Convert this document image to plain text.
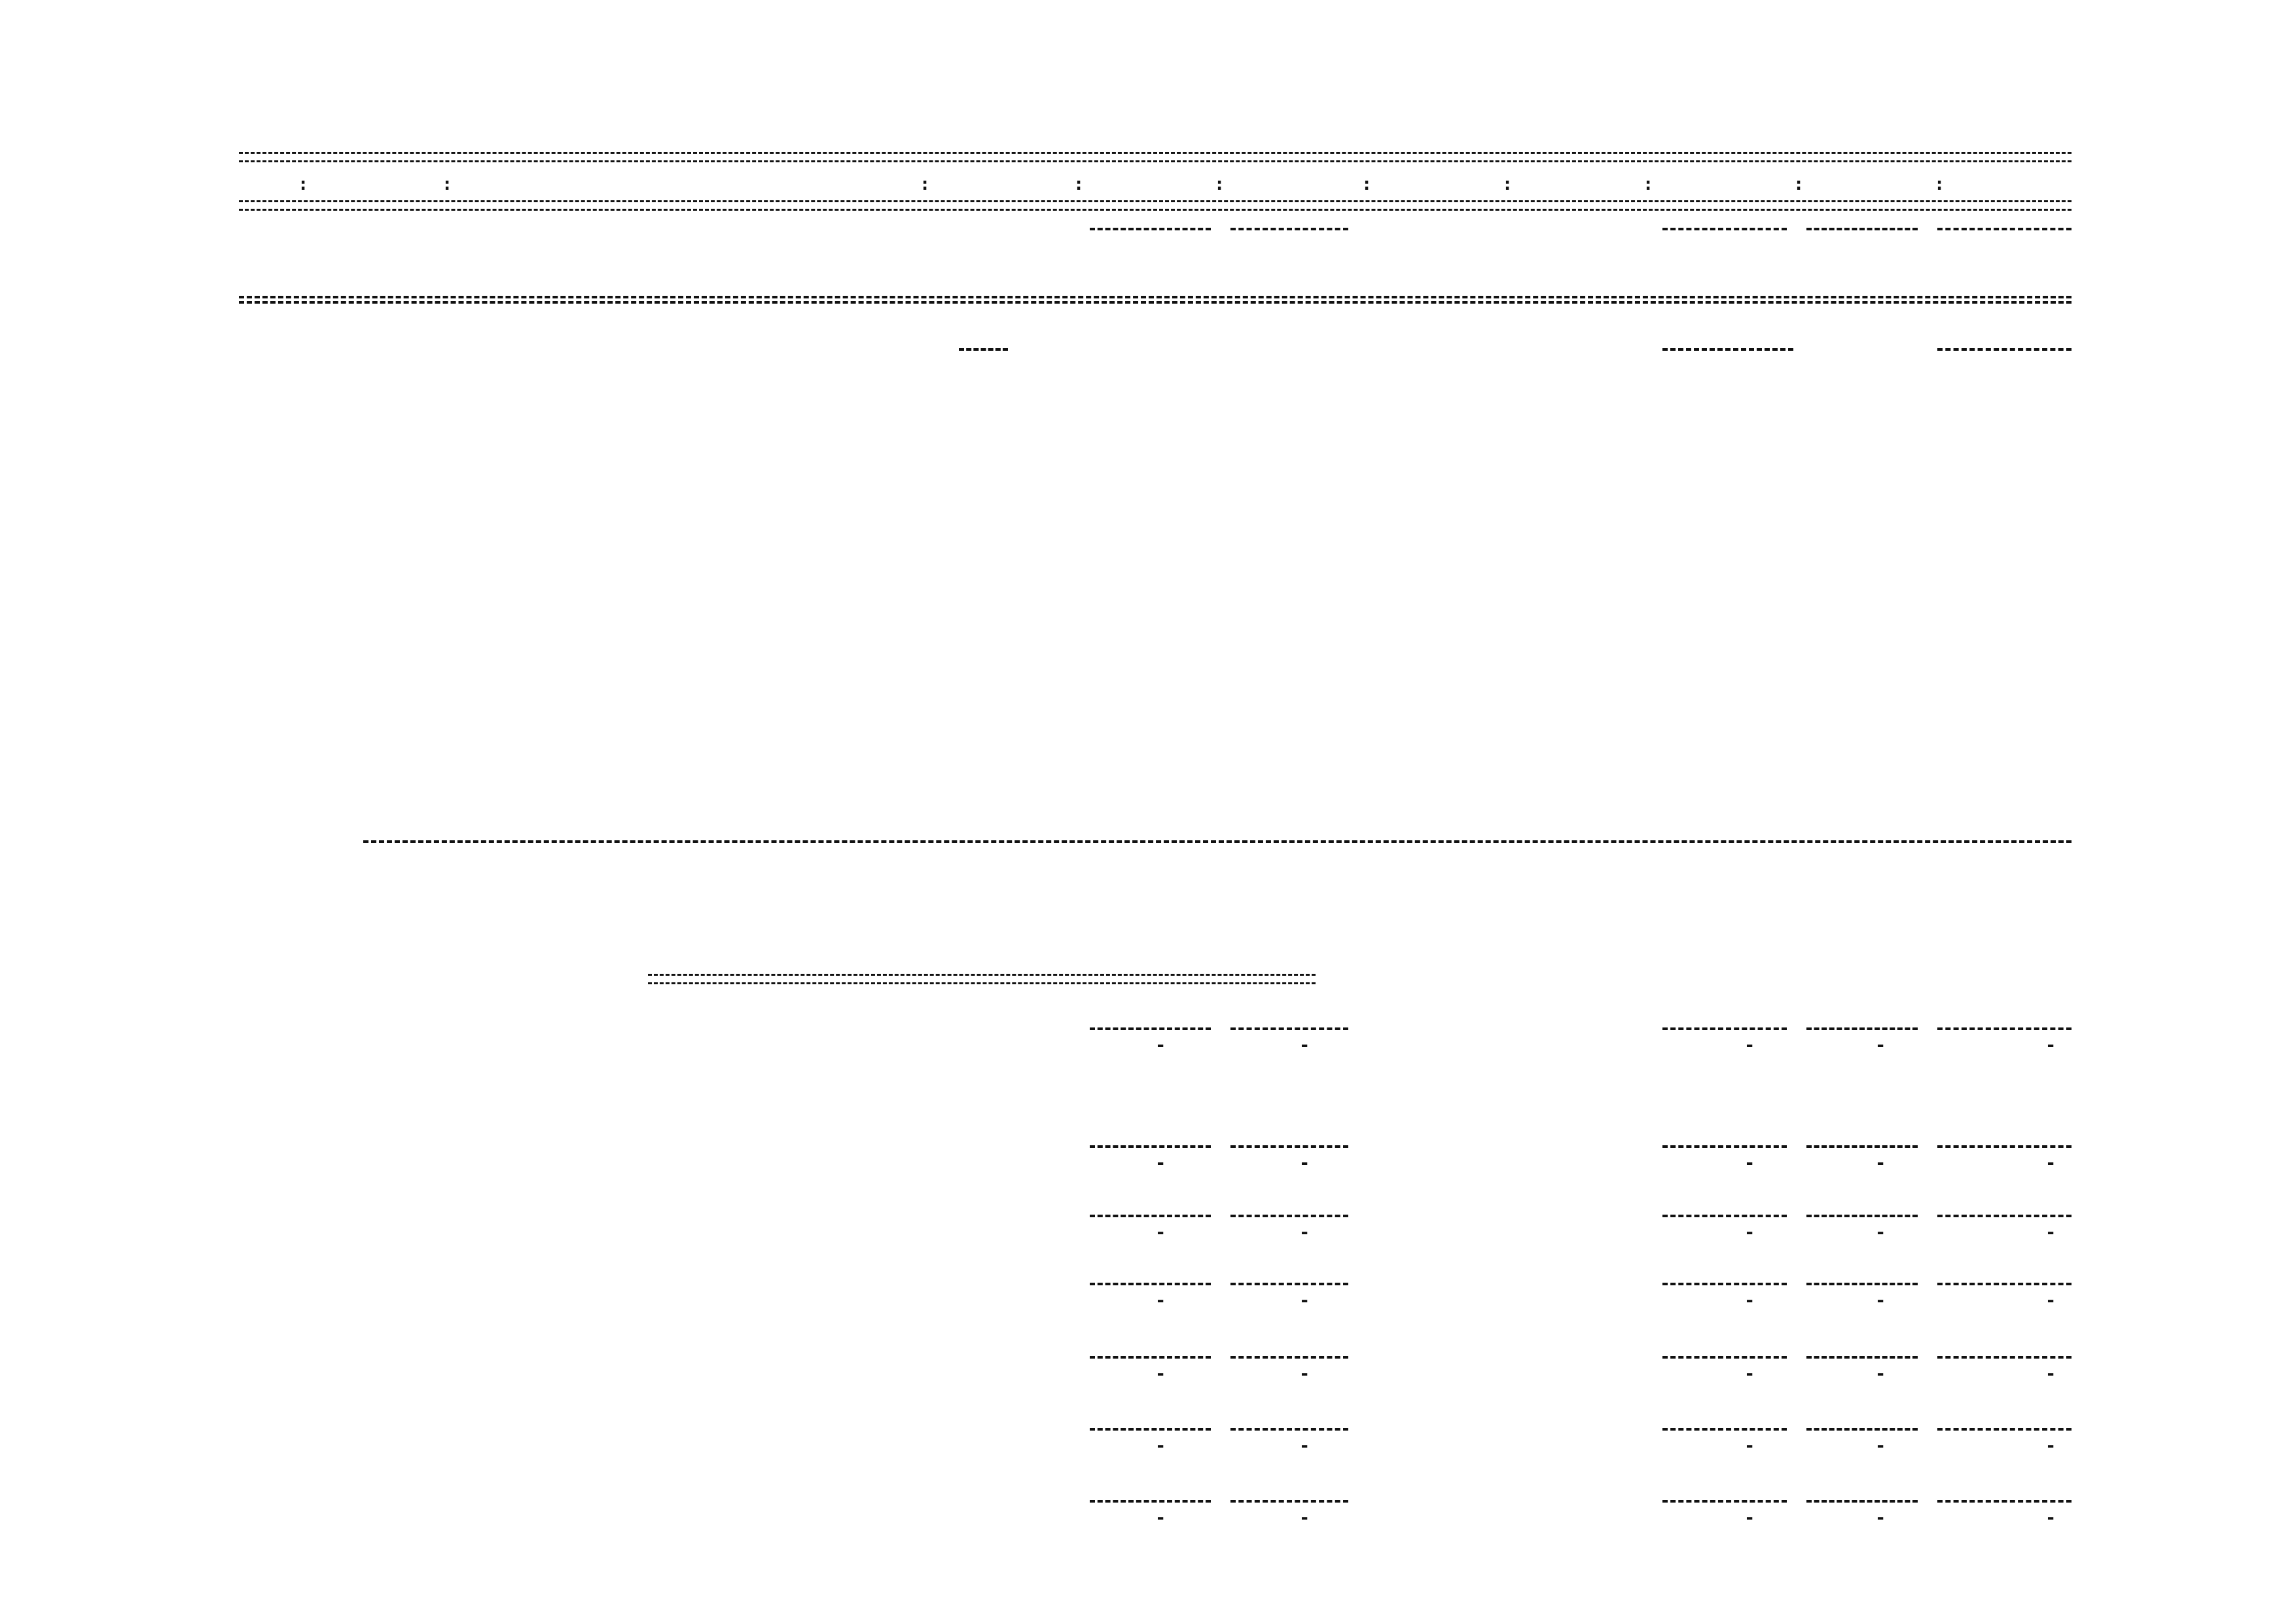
:	:	:	:	:	:	:	:	:	:
-	-	-	-	-
-	-	-	-	-
-	-	-	-	-
-	-	-	-	-
-	-	-	-	-
-	-	-	-	-
-	-	-	-	-
